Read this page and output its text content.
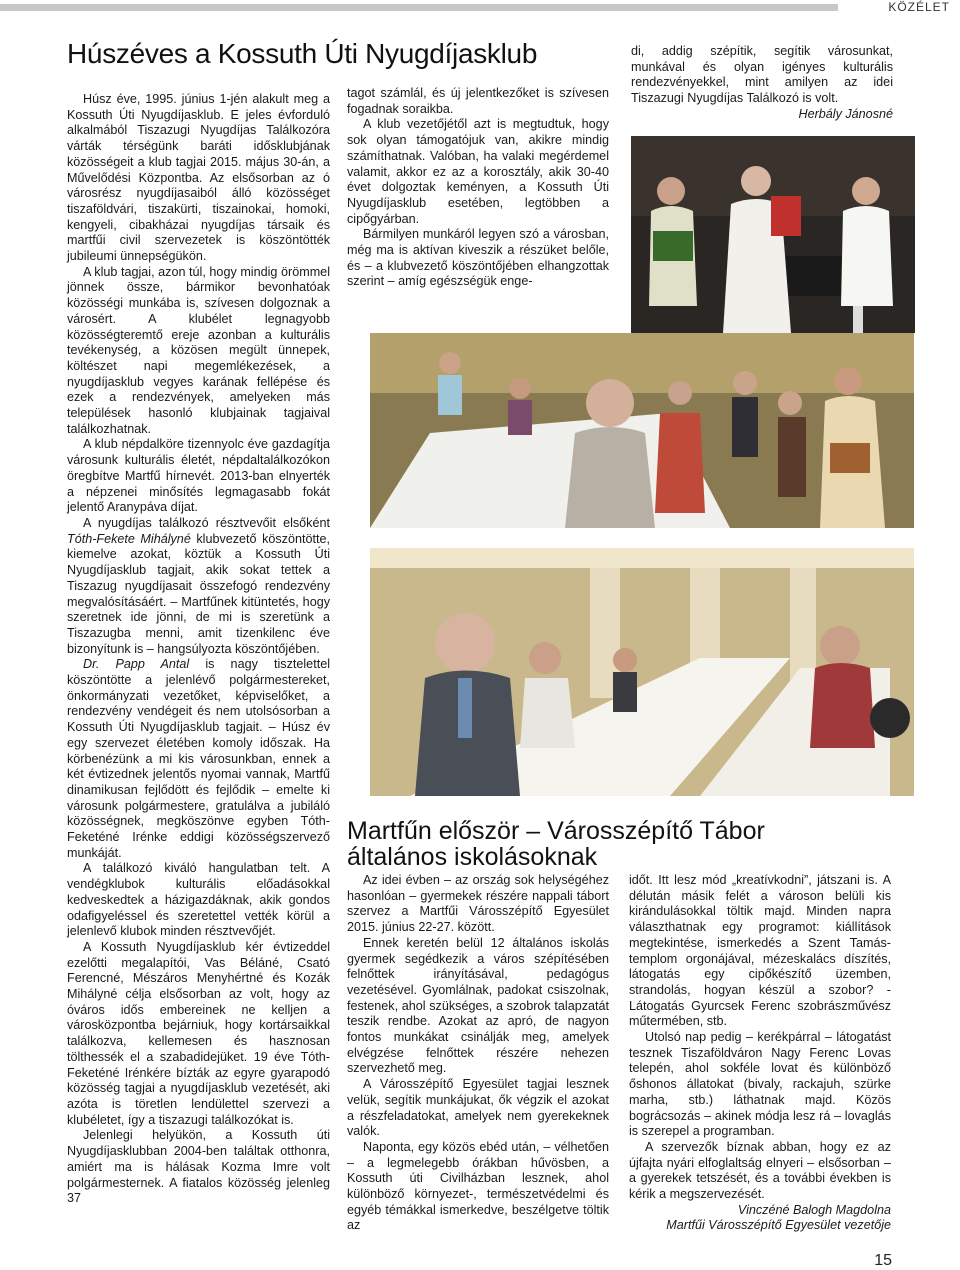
KÖZÉLET
Húszéves a Kossuth Úti Nyugdíjasklub

Húsz éve, 1995. június 1-jén alakult meg a Kossuth Úti Nyugdíjasklub. E jeles évforduló alkalmából Tiszazugi Nyugdíjas Találkozóra várták térségünk baráti idősklubjának közösségeit a klub tagjai 2015. május 30-án, a Művelődési Központba. Az elsősorban az ó városrész nyugdíjasaiból álló közösséget tiszaföldvári, tiszakürti, tiszainokai, homoki, kengyeli, cibakházai nyugdíjas társaik és martfűi civil szervezetek is köszöntötték jubileumi ünnepségükön.

A klub tagjai, azon túl, hogy mindig örömmel jönnek össze, bármikor bevonhatóak közösségi munkába is, szívesen dolgoznak a városért. A klubélet legnagyobb közösségteremtő ereje azonban a kulturális tevékenység, a közösen megült ünnepek, költészet napi megemlékezések, a nyugdíjasklub vegyes karának fellépése és ezek a rendezvények, amelyeken más települések hasonló klubjainak tagjaival találkozhatnak.

A klub népdalköre tizennyolc éve gazdagítja városunk kulturális életét, népdaltalálkozókon öregbítve Martfű hírnevét. 2013-ban elnyerték a népzenei minősítés legmagasabb fokát jelentő Aranypáva díjat.

A nyugdíjas találkozó résztvevőit elsőként Tóth-Fekete Mihályné klubvezető köszöntötte, kiemelve azokat, köztük a Kossuth Úti Nyugdíjasklub tagjait, akik sokat tettek a Tiszazug nyugdíjasait összefogó rendezvény megvalósításáért. – Martfűnek kitüntetés, hogy szeretnek ide jönni, de mi is szeretünk a Tiszazugba menni, amit tizenkilenc éve bizonyítunk is – hangsúlyozta köszöntőjében.

Dr. Papp Antal is nagy tisztelettel köszöntötte a jelenlévő polgármestereket, önkormányzati vezetőket, képviselőket, a rendezvény vendégeit és nem utolsósorban a Kossuth Úti Nyugdíjasklub tagjait. – Húsz év egy szervezet életében komoly időszak. Ha körbenézünk a mi kis városunkban, ennek a két évtizednek jelentős nyomai vannak, Martfű dinamikusan fejlődött és fejlődik – emelte ki városunk polgármestere, gratulálva a jubiláló közösségnek, megköszönve egyben Tóth-Feketéné Irénke eddigi közösségszervező munkáját.

A találkozó kiváló hangulatban telt. A vendégklubok kulturális előadásokkal kedveskedtek a házigazdáknak, akik gondos odafigyeléssel és szeretettel vették körül a jelenlevő klubok minden résztvevőjét.

A Kossuth Nyugdíjasklub kér évtizeddel ezelőtti megalapítói, Vas Béláné, Csató Ferencné, Mészáros Menyhértné és Kozák Mihályné célja elsősorban az volt, hogy az óváros idős embereinek ne kelljen a városközpontba bejárniuk, hogy kortársaikkal találkozva, kellemesen és hasznosan tölthessék el a szabadidejüket. 19 éve Tóth-Feketéné Irénkére bízták az egyre gyarapodó közösség tagjai a nyugdíjasklub vezetését, aki azóta is töretlen lendülettel szervezi a klubéletet, így a tiszazugi találkozókat is.

Jelenlegi helyükön, a Kossuth úti Nyugdíjasklubban 2004-ben találtak otthonra, amiért ma is hálásak Kozma Imre volt polgármesternek. A fiatalos közösség jelenleg 37

tagot számlál, és új jelentkezőket is szívesen fogadnak soraikba.

A klub vezetőjétől azt is megtudtuk, hogy sok olyan támogatójuk van, akikre mindig számíthatnak. Valóban, ha valaki megérdemel valamit, akkor ez az a korosztály, akik 30-40 évet dolgoztak keményen, a Kossuth Úti Nyugdíjasklub esetében, legtöbben a cipőgyárban.

Bármilyen munkáról legyen szó a városban, még ma is aktívan kiveszik a részüket belőle, és – a klubvezető köszöntőjében elhangzottak szerint – amíg egészségük enge-

di, addig szépítik, segítik városunkat, munkával és olyan igényes kulturális rendezvényekkel, mint amilyen az idei Tiszazugi Nyugdíjas Találkozó is volt.

Herbály Jánosné

Martfűn először – Városszépítő Tábor általános iskolásoknak

Az idei évben – az ország sok helységéhez hasonlóan – gyermekek részére nappali tábort szervez a Martfűi Városszépítő Egyesület 2015. június 22-27. között.

Ennek keretén belül 12 általános iskolás gyermek segédkezik a város szépítésében felnőttek irányításával, pedagógus vezetésével. Gyomlálnak, padokat csiszolnak, festenek, ahol szükséges, a szobrok talapzatát teszik rendbe. Azokat az apró, de nagyon fontos munkákat csinálják meg, amelyek elvégzése felnőttek részére nehezen szervezhető meg.

A Városszépítő Egyesület tagjai lesznek velük, segítik munkájukat, ők végzik el azokat a részfeladatokat, amelyek nem gyerekeknek valók.

Naponta, egy közös ebéd után, – vélhetően – a legmelegebb órákban hűvösben, a Kossuth úti Civilházban lesznek, ahol különböző környezet-, természetvédelmi és egyéb témákkal ismerkedve, beszélgetve töltik az

időt. Itt lesz mód „kreatívkodni”, játszani is. A délután másik felét a városon belüli kis kirándulásokkal töltik majd. Minden napra választhatnak egy programot: kiállítások megtekintése, ismerkedés a Szent Tamás-templom orgonájával, mézeskalács díszítés, látogatás egy cipőkészítő üzemben, strandolás, hogyan készül a szobor? - Látogatás Gyurcsek Ferenc szobrászművész műtermében, stb.

Utolsó nap pedig – kerékpárral – látogatást tesznek Tiszaföldváron Nagy Ferenc Lovas telepén, ahol sokféle lovat és különböző őshonos állatokat (bivaly, rackajuh, szürke marha, stb.) láthatnak majd. Közös bográcsozás – akinek módja lesz rá – lovaglás is szerepel a programban.

A szervezők bíznak abban, hogy ez az újfajta nyári elfoglaltság elnyeri – elsősorban – a gyerekek tetszését, és a további években is kérik a megszervezését.

Vinczéné Balogh Magdolna

Martfűi Városszépítő Egyesület vezetője

15
